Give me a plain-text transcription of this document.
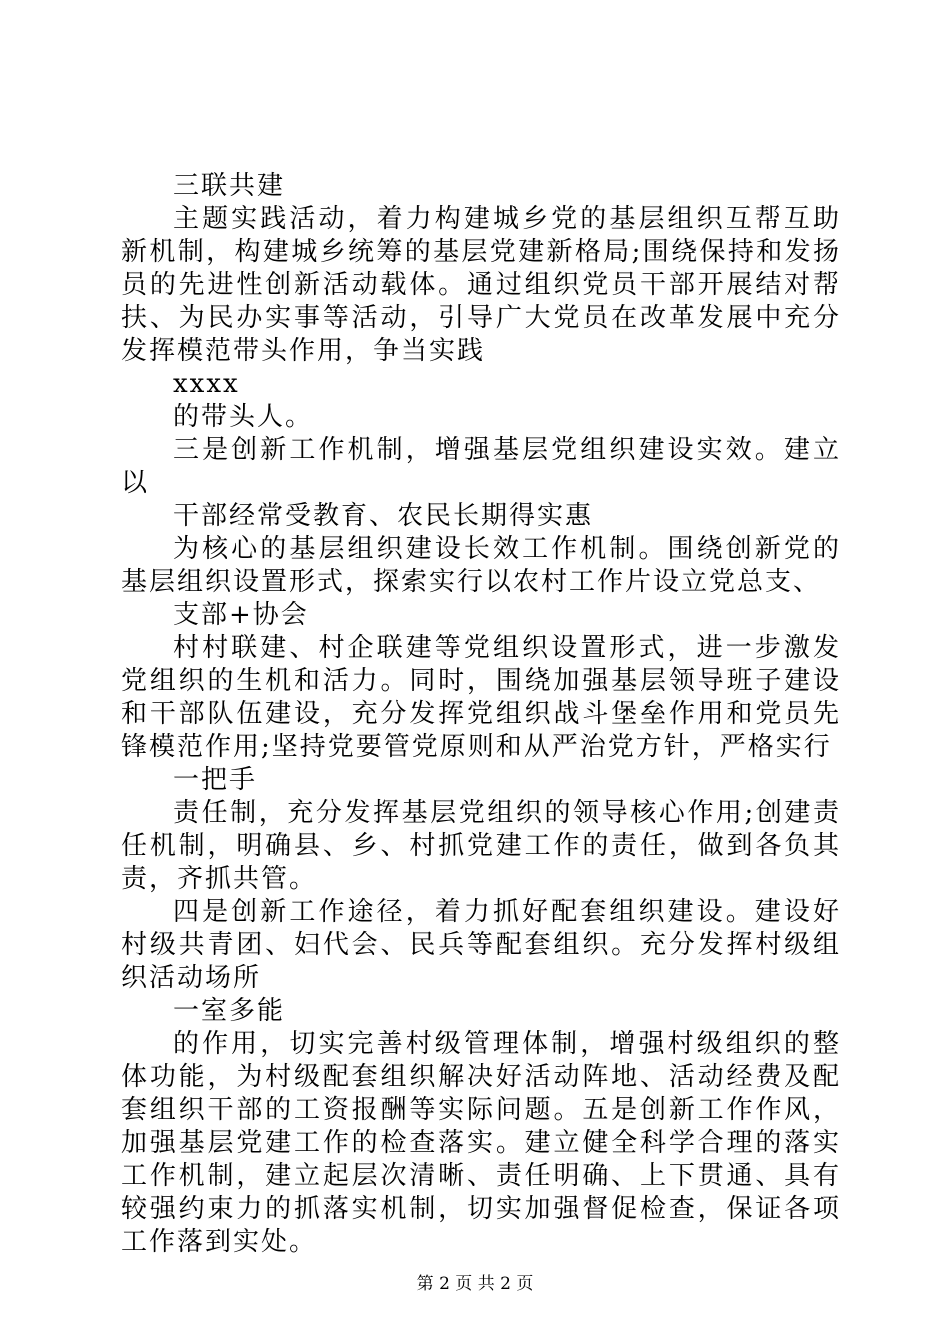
三联共建

主题实践活动，着力构建城乡党的基层组织互帮互助新机制，构建城乡统筹的基层党建新格局;围绕保持和发扬员的先进性创新活动载体。通过组织党员干部开展结对帮扶、为民办实事等活动，引导广大党员在改革发展中充分发挥模范带头作用，争当实践

xxxx

的带头人。

三是创新工作机制，增强基层党组织建设实效。建立以

干部经常受教育、农民长期得实惠

为核心的基层组织建设长效工作机制。围绕创新党的基层组织设置形式，探索实行以农村工作片设立党总支、

支部+协会

村村联建、村企联建等党组织设置形式，进一步激发党组织的生机和活力。同时，围绕加强基层领导班子建设和干部队伍建设，充分发挥党组织战斗堡垒作用和党员先锋模范作用;坚持党要管党原则和从严治党方针，严格实行

一把手

责任制，充分发挥基层党组织的领导核心作用;创建责任机制，明确县、乡、村抓党建工作的责任，做到各负其责，齐抓共管。

四是创新工作途径，着力抓好配套组织建设。建设好村级共青团、妇代会、民兵等配套组织。充分发挥村级组织活动场所

一室多能

的作用，切实完善村级管理体制，增强村级组织的整体功能，为村级配套组织解决好活动阵地、活动经费及配套组织干部的工资报酬等实际问题。五是创新工作作风，加强基层党建工作的检查落实。建立健全科学合理的落实工作机制，建立起层次清晰、责任明确、上下贯通、具有较强约束力的抓落实机制，切实加强督促检查，保证各项工作落到实处。

第 2 页 共 2 页
